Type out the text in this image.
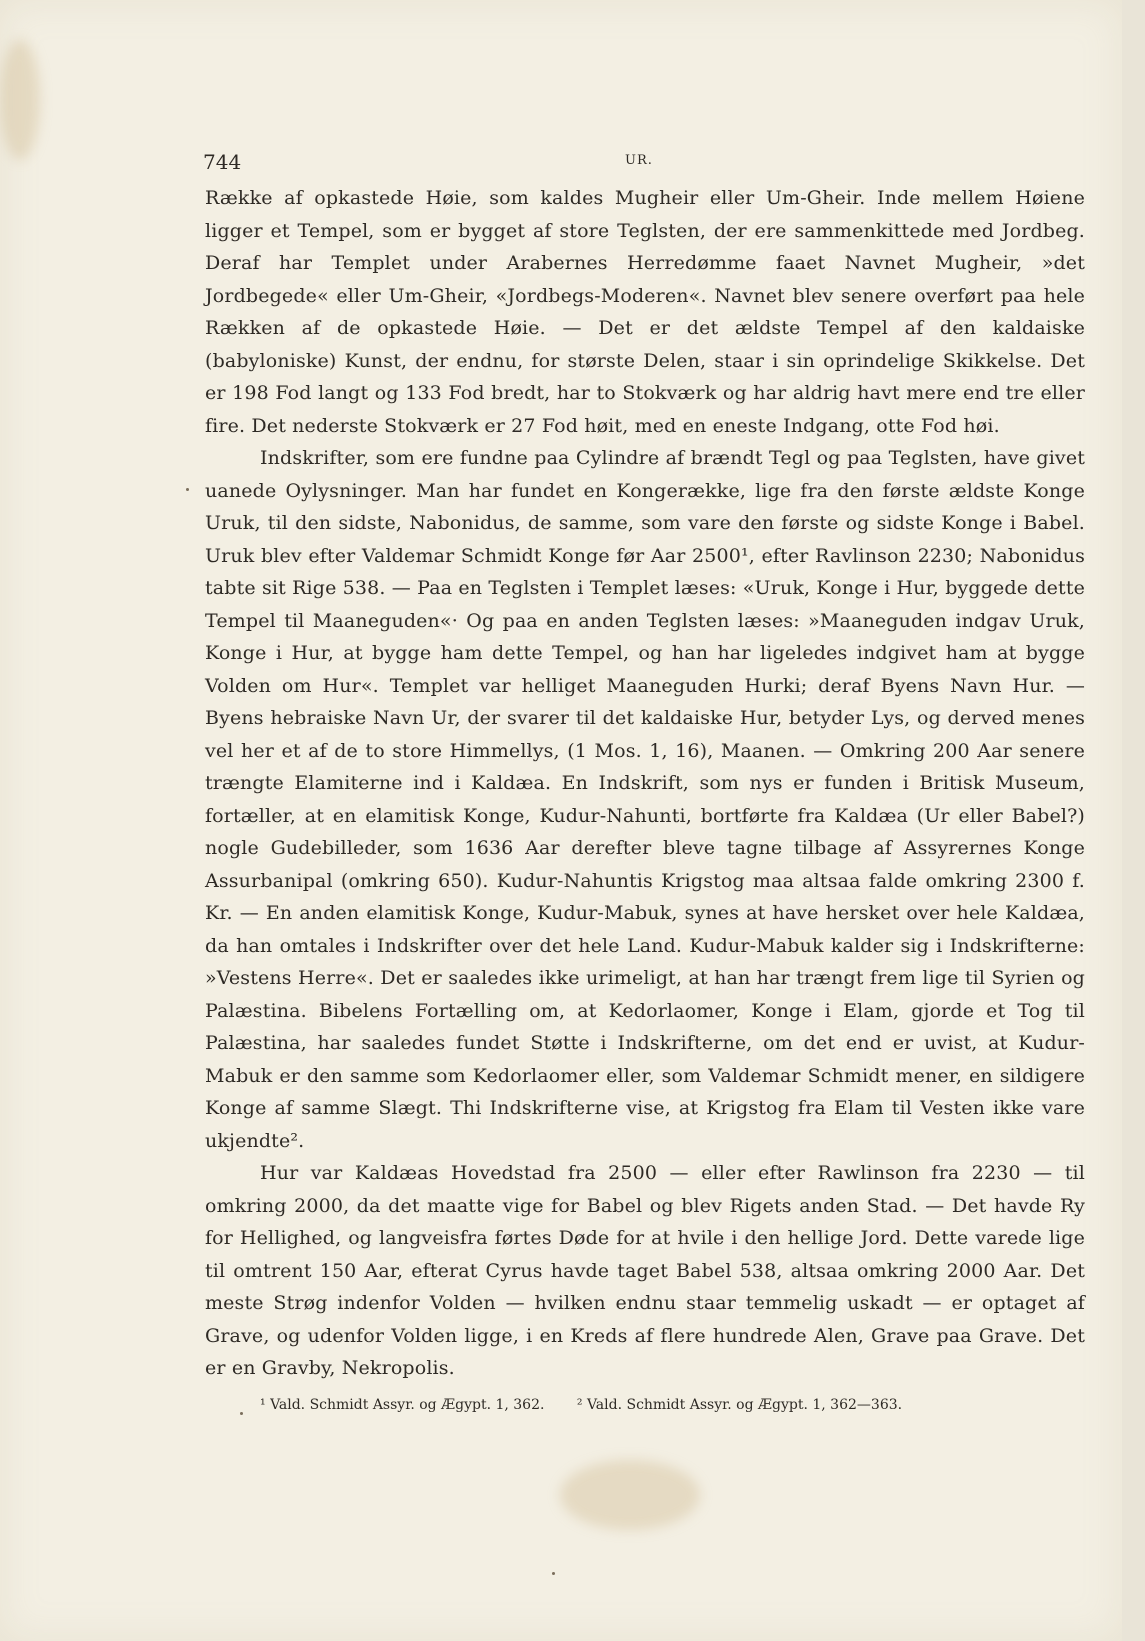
744	UR.

Række af opkastede Høie, som kaldes Mugheir eller Um-Gheir. Inde mellem Høiene ligger et Tempel, som er bygget af store Teglsten, der ere sammenkittede med Jordbeg. Deraf har Templet under Arabernes Herredømme faaet Navnet Mugheir, »det Jordbegede« eller Um-Gheir, «Jordbegs-Moderen«. Navnet blev senere overført paa hele Rækken af de opkastede Høie. — Det er det ældste Tempel af den kaldaiske (babyloniske) Kunst, der endnu, for største Delen, staar i sin oprindelige Skikkelse. Det er 198 Fod langt og 133 Fod bredt, har to Stokværk og har aldrig havt mere end tre eller fire. Det nederste Stokværk er 27 Fod høit, med en eneste Indgang, otte Fod høi.

Indskrifter, som ere fundne paa Cylindre af brændt Tegl og paa Teglsten, have givet uanede Oylysninger. Man har fundet en Kongerække, lige fra den første ældste Konge Uruk, til den sidste, Nabonidus, de samme, som vare den første og sidste Konge i Babel. Uruk blev efter Valdemar Schmidt Konge før Aar 2500¹, efter Ravlinson 2230; Nabonidus tabte sit Rige 538. — Paa en Teglsten i Templet læses: «Uruk, Konge i Hur, byggede dette Tempel til Maaneguden«· Og paa en anden Teglsten læses: »Maaneguden indgav Uruk, Konge i Hur, at bygge ham dette Tempel, og han har ligeledes indgivet ham at bygge Volden om Hur«. Templet var helliget Maaneguden Hurki; deraf Byens Navn Hur. — Byens hebraiske Navn Ur, der svarer til det kaldaiske Hur, betyder Lys, og derved menes vel her et af de to store Himmellys, (1 Mos. 1, 16), Maanen. — Omkring 200 Aar senere trængte Elamiterne ind i Kaldæa. En Indskrift, som nys er funden i Britisk Museum, fortæller, at en elamitisk Konge, Kudur-Nahunti, bortførte fra Kaldæa (Ur eller Babel?) nogle Gudebilleder, som 1636 Aar derefter bleve tagne tilbage af Assyrernes Konge Assurbanipal (omkring 650). Kudur-Nahuntis Krigstog maa altsaa falde omkring 2300 f. Kr. — En anden elamitisk Konge, Kudur-Mabuk, synes at have hersket over hele Kaldæa, da han omtales i Indskrifter over det hele Land. Kudur-Mabuk kalder sig i Indskrifterne: »Vestens Herre«. Det er saaledes ikke urimeligt, at han har trængt frem lige til Syrien og Palæstina. Bibelens Fortælling om, at Kedorlaomer, Konge i Elam, gjorde et Tog til Palæstina, har saaledes fundet Støtte i Indskrifterne, om det end er uvist, at Kudur-Mabuk er den samme som Kedorlaomer eller, som Valdemar Schmidt mener, en sildigere Konge af samme Slægt. Thi Indskrifterne vise, at Krigstog fra Elam til Vesten ikke vare ukjendte².

Hur var Kaldæas Hovedstad fra 2500 — eller efter Rawlinson fra 2230 — til omkring 2000, da det maatte vige for Babel og blev Rigets anden Stad. — Det havde Ry for Hellighed, og langveisfra førtes Døde for at hvile i den hellige Jord. Dette varede lige til omtrent 150 Aar, efterat Cyrus havde taget Babel 538, altsaa omkring 2000 Aar. Det meste Strøg indenfor Volden — hvilken endnu staar temmelig uskadt — er optaget af Grave, og udenfor Volden ligge, i en Kreds af flere hundrede Alen, Grave paa Grave. Det er en Gravby, Nekropolis.

¹ Vald. Schmidt Assyr. og Ægypt. 1, 362. ² Vald. Schmidt Assyr. og Ægypt. 1, 362—363.
